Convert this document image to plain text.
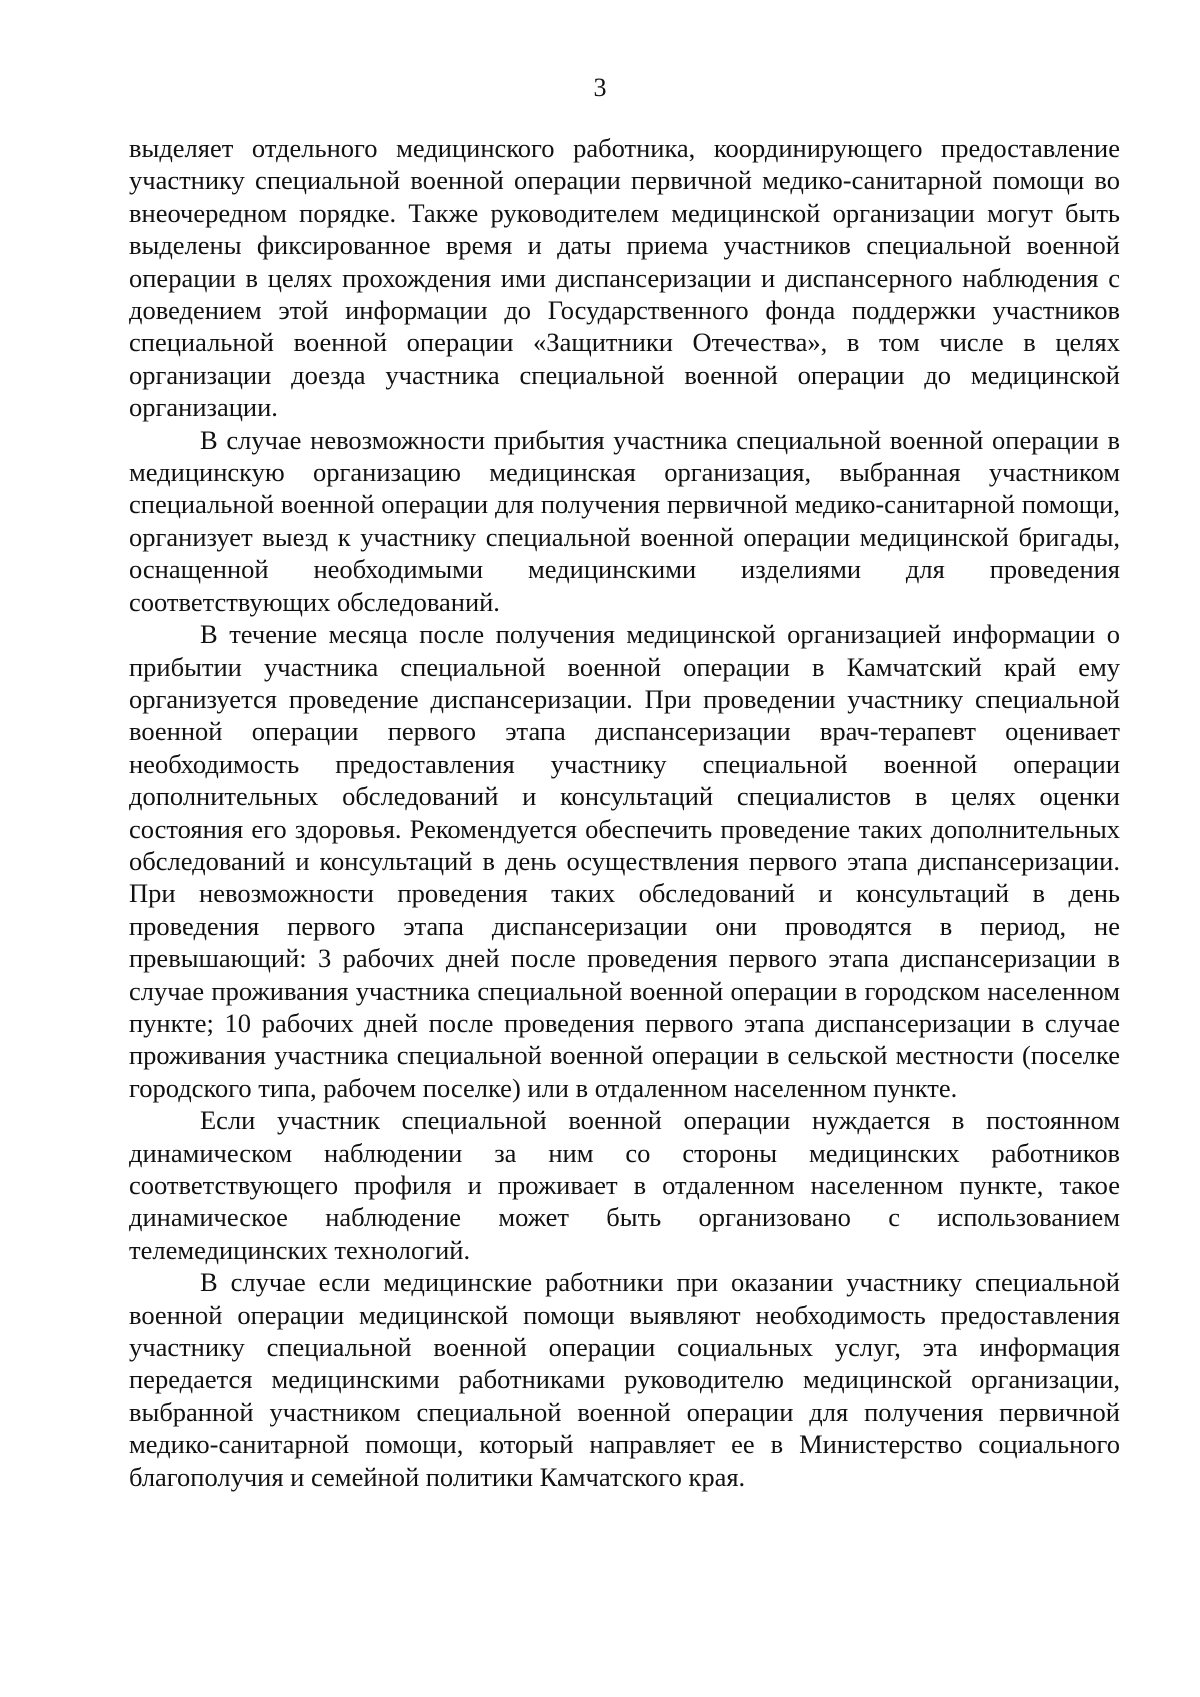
3

выделяет отдельного медицинского работника, координирующего предоставление участнику специальной военной операции первичной медико-санитарной помощи во внеочередном порядке. Также руководителем медицинской организации могут быть выделены фиксированное время и даты приема участников специальной военной операции в целях прохождения ими диспансеризации и диспансерного наблюдения с доведением этой информации до Государственного фонда поддержки участников специальной военной операции «Защитники Отечества», в том числе в целях организации доезда участника специальной военной операции до медицинской организации.

В случае невозможности прибытия участника специальной военной операции в медицинскую организацию медицинская организация, выбранная участником специальной военной операции для получения первичной медико-санитарной помощи, организует выезд к участнику специальной военной операции медицинской бригады, оснащенной необходимыми медицинскими изделиями для проведения соответствующих обследований.

В течение месяца после получения медицинской организацией информации о прибытии участника специальной военной операции в Камчатский край ему организуется проведение диспансеризации. При проведении участнику специальной военной операции первого этапа диспансеризации врач-терапевт оценивает необходимость предоставления участнику специальной военной операции дополнительных обследований и консультаций специалистов в целях оценки состояния его здоровья. Рекомендуется обеспечить проведение таких дополнительных обследований и консультаций в день осуществления первого этапа диспансеризации. При невозможности проведения таких обследований и консультаций в день проведения первого этапа диспансеризации они проводятся в период, не превышающий: 3 рабочих дней после проведения первого этапа диспансеризации в случае проживания участника специальной военной операции в городском населенном пункте; 10 рабочих дней после проведения первого этапа диспансеризации в случае проживания участника специальной военной операции в сельской местности (поселке городского типа, рабочем поселке) или в отдаленном населенном пункте.

Если участник специальной военной операции нуждается в постоянном динамическом наблюдении за ним со стороны медицинских работников соответствующего профиля и проживает в отдаленном населенном пункте, такое динамическое наблюдение может быть организовано с использованием телемедицинских технологий.

В случае если медицинские работники при оказании участнику специальной военной операции медицинской помощи выявляют необходимость предоставления участнику специальной военной операции социальных услуг, эта информация передается медицинскими работниками руководителю медицинской организации, выбранной участником специальной военной операции для получения первичной медико-санитарной помощи, который направляет ее в Министерство социального благополучия и семейной политики Камчатского края.
